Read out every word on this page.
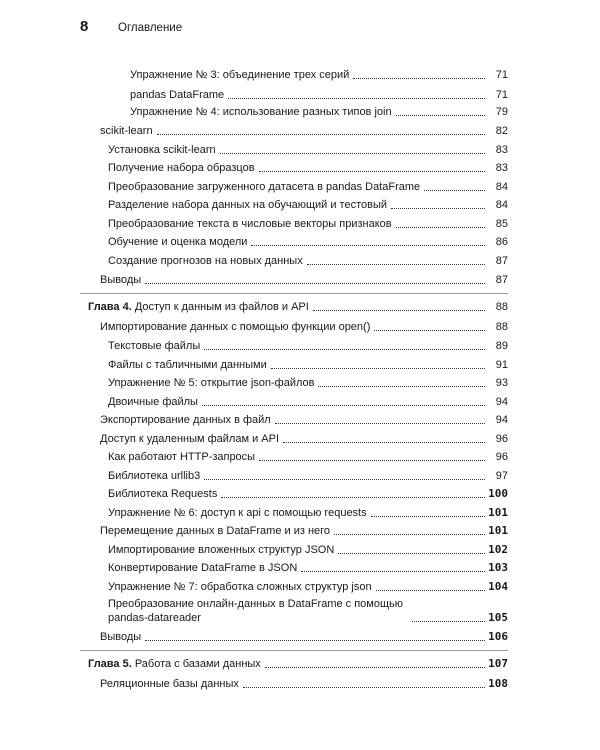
8	Оглавление
Упражнение № 3: объединение трех серий	71
pandas DataFrame	71
Упражнение № 4: использование разных типов join	79
scikit-learn	82
Установка scikit-learn	83
Получение набора образцов	83
Преобразование загруженного датасета в pandas DataFrame	84
Разделение набора данных на обучающий и тестовый	84
Преобразование текста в числовые векторы признаков	85
Обучение и оценка модели	86
Создание прогнозов на новых данных	87
Выводы	87
Глава 4. Доступ к данным из файлов и API	88
Импортирование данных с помощью функции open()	88
Текстовые файлы	89
Файлы с табличными данными	91
Упражнение № 5: открытие json-файлов	93
Двоичные файлы	94
Экспортирование данных в файл	94
Доступ к удаленным файлам и API	96
Как работают HTTP-запросы	96
Библиотека urllib3	97
Библиотека Requests	100
Упражнение № 6: доступ к api с помощью requests	101
Перемещение данных в DataFrame и из него	101
Импортирование вложенных структур JSON	102
Конвертирование DataFrame в JSON	103
Упражнение № 7: обработка сложных структур json	104
Преобразование онлайн-данных в DataFrame с помощью pandas-datareader	105
Выводы	106
Глава 5. Работа с базами данных	107
Реляционные базы данных	108
